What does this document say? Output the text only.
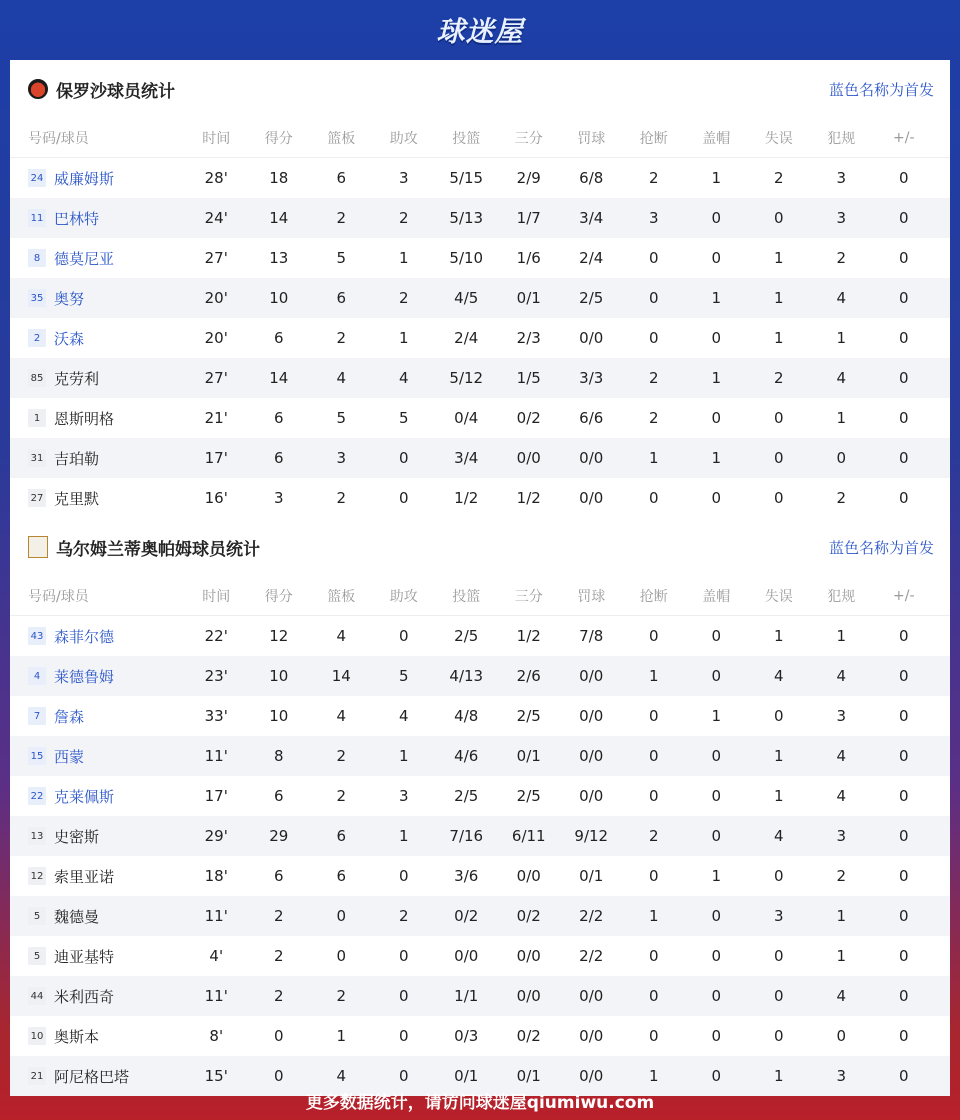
球迷屋
保罗沙球员统计	蓝色名称为首发
号码/球员	时间	得分	篮板	助攻	投篮	三分	罚球	抢断	盖帽	失误	犯规	+/-
24 威廉姆斯	28'	18	6	3	5/15	2/9	6/8	2	1	2	3	0
11 巴林特	24'	14	2	2	5/13	1/7	3/4	3	0	0	3	0
8 德莫尼亚	27'	13	5	1	5/10	1/6	2/4	0	0	1	2	0
35 奥努	20'	10	6	2	4/5	0/1	2/5	0	1	1	4	0
2 沃森	20'	6	2	1	2/4	2/3	0/0	0	0	1	1	0
85 克劳利	27'	14	4	4	5/12	1/5	3/3	2	1	2	4	0
1 恩斯明格	21'	6	5	5	0/4	0/2	6/6	2	0	0	1	0
31 吉珀勒	17'	6	3	0	3/4	0/0	0/0	1	1	0	0	0
27 克里默	16'	3	2	0	1/2	1/2	0/0	0	0	0	2	0
乌尔姆兰蒂奥帕姆球员统计	蓝色名称为首发
号码/球员	时间	得分	篮板	助攻	投篮	三分	罚球	抢断	盖帽	失误	犯规	+/-
43 森菲尔德	22'	12	4	0	2/5	1/2	7/8	0	0	1	1	0
4 莱德鲁姆	23'	10	14	5	4/13	2/6	0/0	1	0	4	4	0
7 詹森	33'	10	4	4	4/8	2/5	0/0	0	1	0	3	0
15 西蒙	11'	8	2	1	4/6	0/1	0/0	0	0	1	4	0
22 克莱佩斯	17'	6	2	3	2/5	2/5	0/0	0	0	1	4	0
13 史密斯	29'	29	6	1	7/16	6/11	9/12	2	0	4	3	0
12 索里亚诺	18'	6	6	0	3/6	0/0	0/1	0	1	0	2	0
5 魏德曼	11'	2	0	2	0/2	0/2	2/2	1	0	3	1	0
5 迪亚基特	4'	2	0	0	0/0	0/0	2/2	0	0	0	1	0
44 米利西奇	11'	2	2	0	1/1	0/0	0/0	0	0	0	4	0
10 奥斯本	8'	0	1	0	0/3	0/2	0/0	0	0	0	0	0
21 阿尼格巴塔	15'	0	4	0	0/1	0/1	0/0	1	0	1	3	0
更多数据统计，请访问球迷屋qiumiwu.com
